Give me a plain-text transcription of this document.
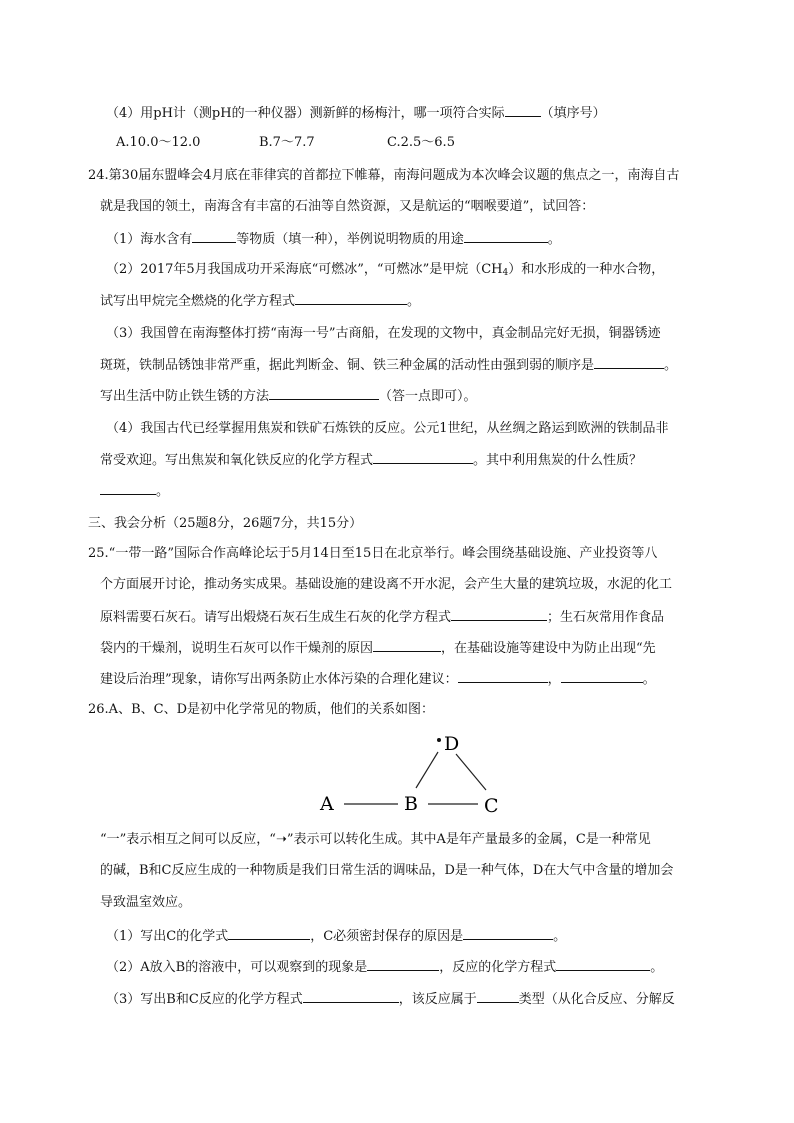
（4）用pH计（测pH的一种仪器）测新鲜的杨梅汁，哪一项符合实际	（填序号）
A.10.0～12.0	B.7～7.7	C.2.5～6.5
24.第30届东盟峰会4月底在菲律宾的首都拉下帷幕，南海问题成为本次峰会议题的焦点之一，南海自古
就是我国的领土，南海含有丰富的石油等自然资源，又是航运的“咽喉要道”，试回答：
（1）海水含有	等物质（填一种），举例说明物质的用途	。
（2）2017年5月我国成功开采海底“可燃冰”，“可燃冰”是甲烷$(CH_4)$和水形成的一种水合物，
试写出甲烷完全燃烧的化学方程式	。
（3）我国曾在南海整体打捞“南海一号”古商船，在发现的文物中，真金制品完好无损，铜器锈迹
斑斑，铁制品锈蚀非常严重，据此判断金、铜、铁三种金属的活动性由强到弱的顺序是	。
写出生活中防止铁生锈的方法	（答一点即可）。
（4）我国古代已经掌握用焦炭和铁矿石炼铁的反应。公元1世纪，从丝绸之路运到欧洲的铁制品非
常受欢迎。写出焦炭和氧化铁反应的化学方程式	。其中利用焦炭的什么性质？
。
三、我会分析（25题8分，26题7分，共15分）
25.“一带一路”国际合作高峰论坛于5月14日至15日在北京举行。峰会围绕基础设施、产业投资等八
个方面展开讨论，推动务实成果。基础设施的建设离不开水泥，会产生大量的建筑垃圾，水泥的化工
原料需要石灰石。请写出煅烧石灰石生成生石灰的化学方程式	；生石灰常用作食品
袋内的干燥剂，说明生石灰可以作干燥剂的原因	，在基础设施等建设中为防止出现“先
建设后治理”现象，请你写出两条防止水体污染的合理化建议：	，	。
26.A、B、C、D是初中化学常见的物质，他们的关系如图：
A	B	C
D
“一”表示相互之间可以反应，“➝”表示可以转化生成。其中A是年产量最多的金属，C是一种常见
的碱，B和C反应生成的一种物质是我们日常生活的调味品，D是一种气体，D在大气中含量的增加会
导致温室效应。
（1）写出C的化学式	，C必须密封保存的原因是	。
（2）A放入B的溶液中，可以观察到的现象是	，反应的化学方程式	。
（3）写出B和C反应的化学方程式	，该反应属于	类型（从化合反应、分解反
